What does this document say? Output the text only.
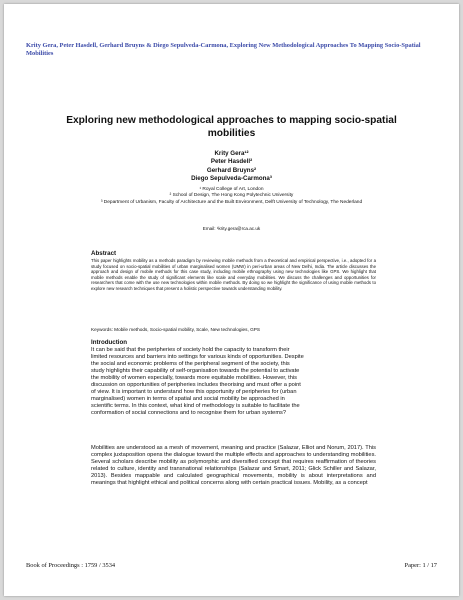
Krity Gera, Peter Hasdell, Gerhard Bruyns & Diego Sepulveda-Carmona, Exploring New Methodological Approaches To Mapping Socio-Spatial Mobilities
Exploring new methodological approaches to mapping socio-spatial mobilities
Krity Gera¹²
Peter Hasdell²
Gerhard Bruyns²
Diego Sepulveda-Carmona³
¹ Royal College of Art, London
² School of Design, The Hong Kong Polytechnic University
³ Department of Urbanism, Faculty of Architecture and the Built Environment, Delft University of Technology, The Nederland
Email: ¹krity.gera@rca.ac.uk
Abstract
This paper highlights mobility as a methods paradigm by reviewing mobile methods from a theoretical and empirical perspective, i.e., adopted for a study focused on socio-spatial mobilities of urban marginalised women (UMW) in peri-urban areas of New Delhi, India. The article discusses the approach and design of mobile methods for this case study, including mobile ethnography using new technologies like GPS. We highlight that mobile methods enable the study of significant elements like scale and everyday mobilities. We discuss the challenges and opportunities for researchers that come with the use new technologies within mobile methods. By doing so we highlight the significance of using mobile methods to explore new research techniques that present a holistic perspective towards understanding mobility.
Keywords: Mobile methods, Socio-spatial mobility, Scale, New technologies, GPS
Introduction
It can be said that the peripheries of society hold the capacity to transform their
limited resources and barriers into settings for various kinds of opportunities. Despite
the social and economic problems of the peripheral segment of the society, this
study highlights their capability of self-organisation towards the potential to activate
the mobility of women especially, towards more equitable mobilities. However, this
discussion on opportunities of peripheries includes theorising and must offer a point
of view. It is important to understand how this opportunity of peripheries for (urban
marginalised) women in terms of spatial and social mobility be approached in
scientific terms. In this context, what kind of methodology is suitable to facilitate the
conformation of social connections and to recognise them for urban systems?
Mobilities are understood as a mesh of movement, meaning and practice (Salazar, Elliot and Norum, 2017). This complex juxtaposition opens the dialogue toward the multiple effects and approaches to understanding mobilities. Several scholars describe mobility as polymorphic and diversified concept that requires reaffirmation of theories related to culture, identity and transnational relationships (Salazar and Smart, 2011; Glick Schiller and Salazar, 2013). Besides mappable and calculated geographical movements, mobility is about interpretations and meanings that highlight ethical and political concerns along with certain practical issues. Mobility, as a concept
Book of Proceedings : 1759 / 3534	Paper: 1 / 17
